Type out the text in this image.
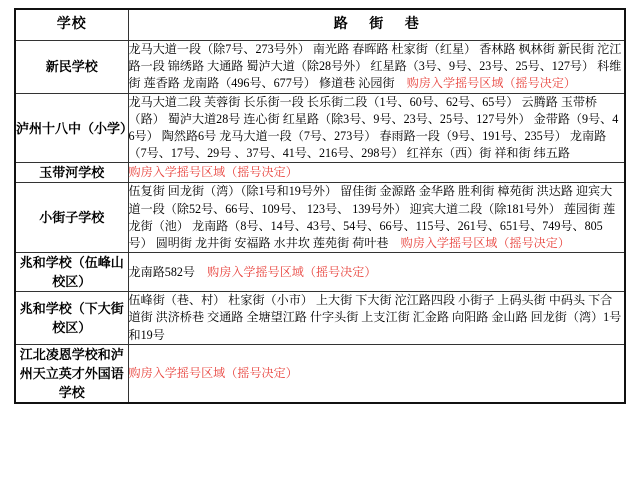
学校	路 街 巷
新民学校	龙马大道一段（除7号、273号外） 南光路 春晖路 杜家街（红星） 香林路 枫林街 新民街 沱江路一段 锦绣路 大通路 蜀泸大道（除28号外） 红星路（3号、9号、23号、25号、127号） 科维街 莲香路 龙南路（496号、677号） 修道巷 沁园街　 购房入学摇号区域（摇号决定）
泸州十八中（小学）	龙马大道二段 芙蓉街 长乐街一段 长乐街二段（1号、60号、62号、65号） 云腾路 玉带桥（路） 蜀泸大道28号 连心街 红星路（除3号、9号、23号、25号、127号外） 金带路（9号、46号） 陶然路6号 龙马大道一段（7号、273号） 春雨路一段（9号、191号、235号） 龙南路（7号、17号、29号 、37号、41号、216号、298号） 红祥东（西）街 祥和街 纬五路
玉带河学校	购房入学摇号区域（摇号决定）
小街子学校	伍复街 回龙街（湾）（除1号和19号外） 留佳街 金源路 金华路 胜利街 樟苑街 洪达路 迎宾大道一段（除52号、66号、109号、 123号、 139号外） 迎宾大道二段（除181号外） 莲园街 莲龙街（池） 龙南路（8号、14号、43号、54号、66号、115号、261号、651号、749号、805号） 圆明街 龙井街 安福路 水井坎 莲苑街 荷叶巷　 购房入学摇号区域（摇号决定）
兆和学校（伍峰山校区）	龙南路582号　 购房入学摇号区域（摇号决定）
兆和学校（下大街校区）	伍峰街（巷、村） 杜家街（小市） 上大街 下大街 沱江路四段 小街子 上码头街 中码头 下合道街 洪济桥巷 交通路 全塘望江路 什字头街 上支江街 汇金路 向阳路 金山路 回龙街（湾）1号和19号
江北凌恩学校和泸州天立英才外国语学校	购房入学摇号区域（摇号决定）
